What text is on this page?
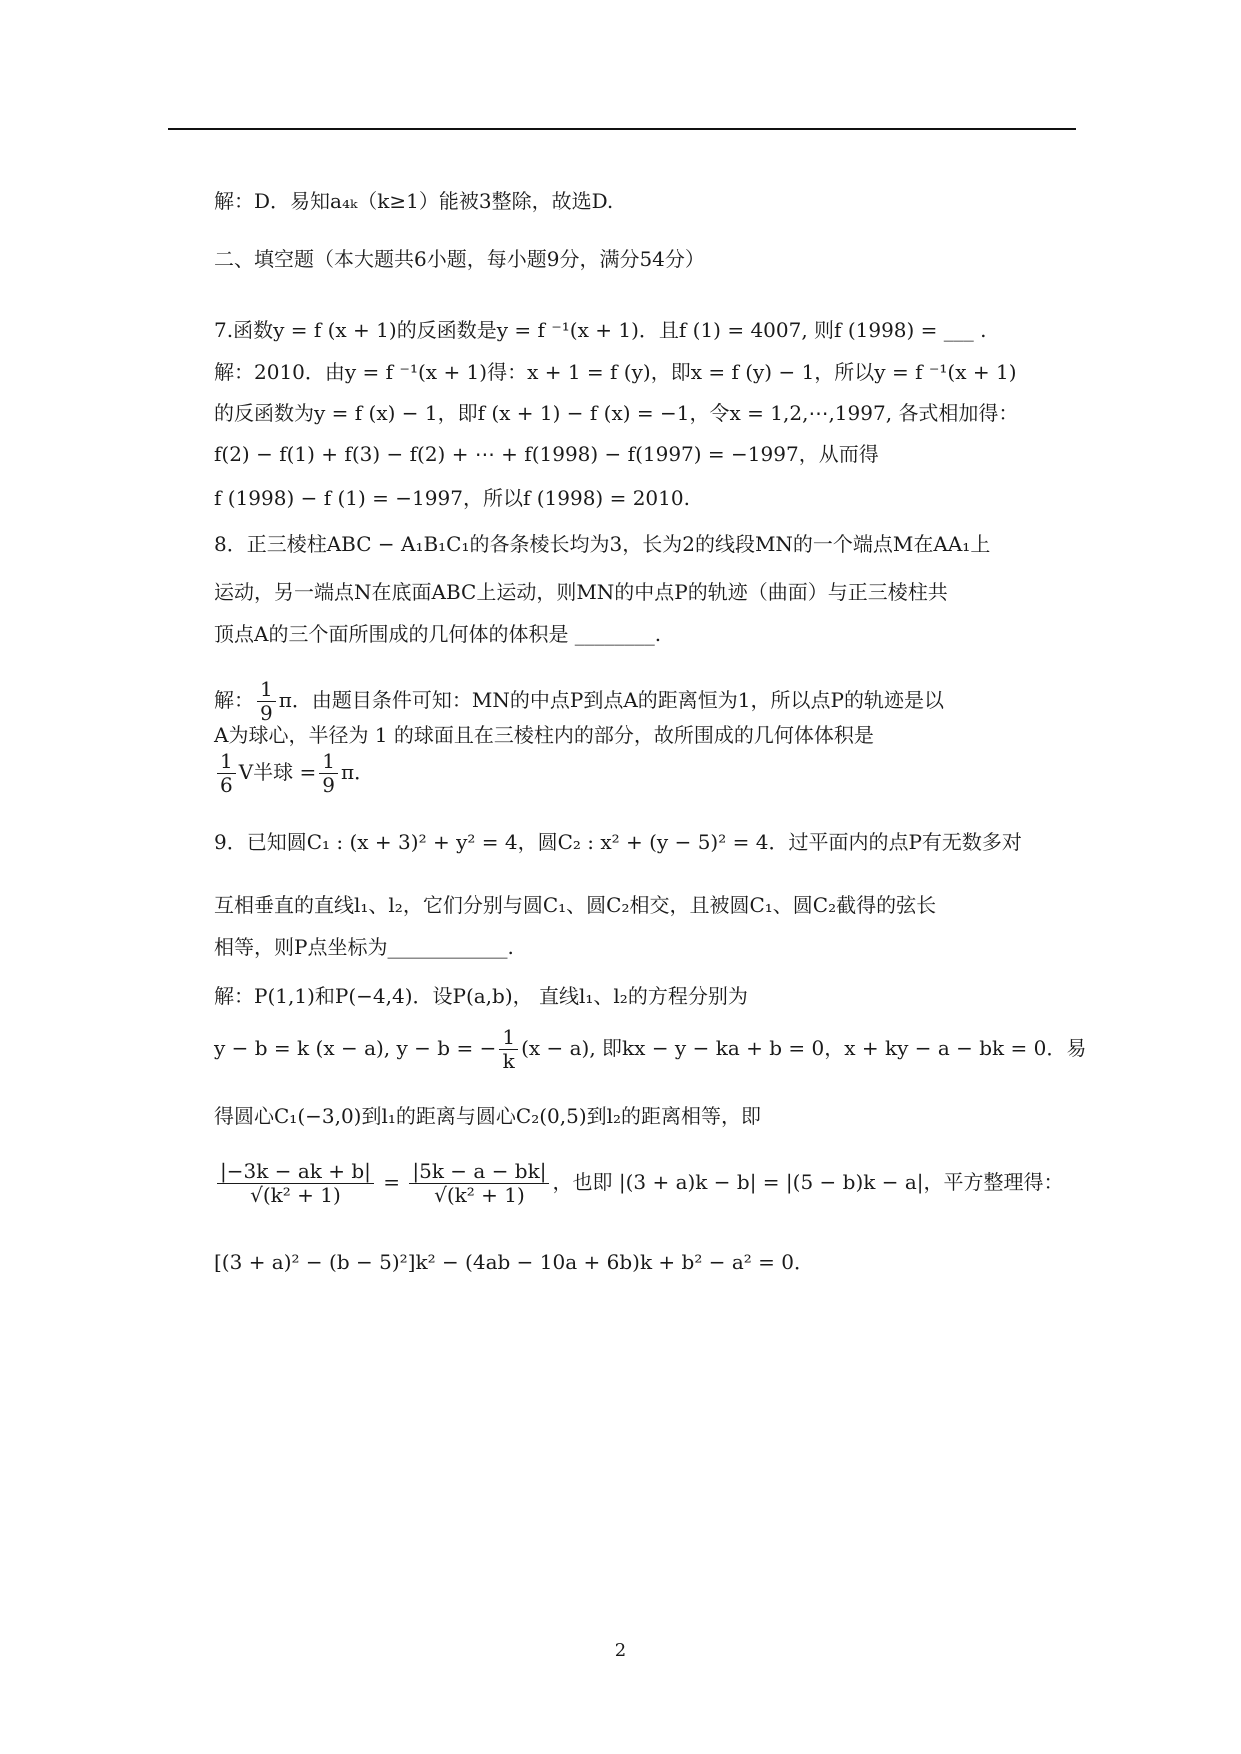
解：D．易知a₄ₖ（k≥1）能被3整除，故选D.
二、填空题（本大题共6小题，每小题9分，满分54分）
7.函数y = f (x + 1)的反函数是y = f ⁻¹(x + 1)．且f (1) = 4007, 则f (1998) = ___ .
解：2010．由y = f ⁻¹(x + 1)得：x + 1 = f (y)，即x = f (y) − 1，所以y = f ⁻¹(x + 1)
的反函数为y = f (x) − 1，即f (x + 1) − f (x) = −1，令x = 1,2,⋯,1997, 各式相加得：
f(2) − f(1) + f(3) − f(2) + ⋯ + f(1998) − f(1997) = −1997，从而得
f (1998) − f (1) = −1997，所以f (1998) = 2010.
8．正三棱柱ABC − A₁B₁C₁的各条棱长均为3，长为2的线段MN的一个端点M在AA₁上
运动，另一端点N在底面ABC上运动，则MN的中点P的轨迹（曲面）与正三棱柱共
顶点A的三个面所围成的几何体的体积是 ________.
解： $\frac{1}{9}$ π．由题目条件可知：MN的中点P到点A的距离恒为1，所以点P的轨迹是以
A为球心，半径为 1 的球面且在三棱柱内的部分，故所围成的几何体体积是
$\frac{1}{6}$ V半球 = $\frac{1}{9}$ π．
9．已知圆C₁ : (x + 3)² + y² = 4，圆C₂ : x² + (y − 5)² = 4．过平面内的点P有无数多对
互相垂直的直线l₁、l₂，它们分别与圆C₁、圆C₂相交，且被圆C₁、圆C₂截得的弦长
相等，则P点坐标为____________.
解：P(1,1)和P(−4,4)．设P(a,b)， 直线l₁、l₂的方程分别为
y − b = k (x − a), y − b = − $\frac{1}{k} (x - a)$, 即kx − y − ka + b = 0，x + ky − a − bk = 0．易
得圆心C₁(−3,0)到l₁的距离与圆心C₂(0,5)到l₂的距离相等，即
$\frac{|-3k - ak + b|}{\text{√(k² + 1)}} = \frac{|5k - a - bk|}{\text{√(k² + 1)}}$ ，也即 |(3 + a)k − b| = |(5 − b)k − a|，平方整理得：
[(3 + a)² − (b − 5)²]k² − (4ab − 10a + 6b)k + b² − a² = 0．
2
